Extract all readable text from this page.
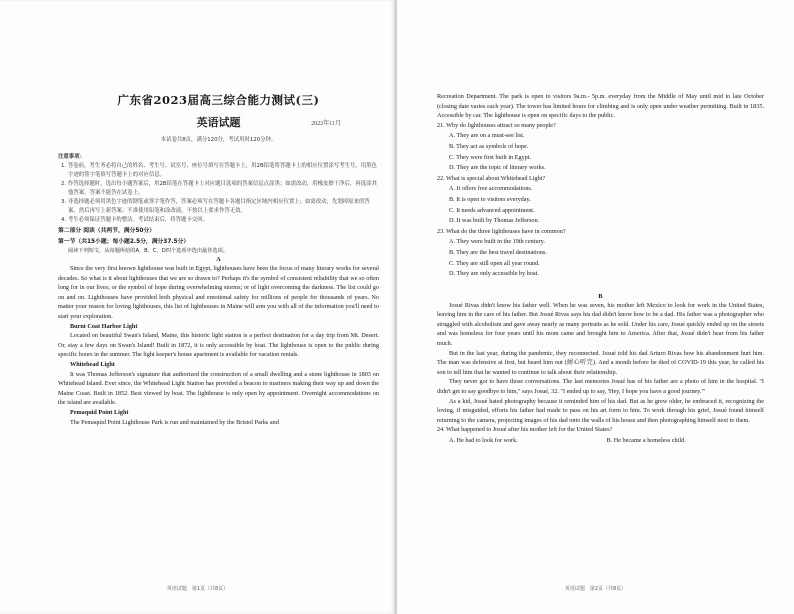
广东省2023届高三综合能力测试(三)
英语试题	2022年11月
本试卷共8页，满分120分，考试用时120分钟。
注意事项：

1. 答卷前，考生务必将自己的姓名、考生号、试室号、座位号填写在答题卡上，用2B铅笔将答题卡上的相应位置涂写考生号，用黑色字迹的签字笔填写答题卡上的对应信息。

2. 作答选择题时，选出每小题答案后，用2B铅笔在答题卡上对应题目选项的答案信息点涂黑；如需改动，用橡皮擦干净后，再选涂其他答案。答案不能答在试卷上。

3. 非选择题必须用黑色字迹的钢笔或签字笔作答，答案必须写在答题卡各题目指定区域内相应位置上；如需改动，先划掉原来的答案，然后再写上新答案；不准使用铅笔和涂改液。不按以上要求作答无效。

4. 考生必须保证答题卡的整洁。考试结束后，将答题卡交回。

第二部分 阅读（共两节，满分50分）
第一节（共15小题；每小题2.5分，满分37.5分）
阅读下列短文，从每题所给的A、B、C、D四个选项中选出最佳选项。
A

Since the very first known lighthouse was built in Egypt, lighthouses have been the focus of many literary works for several decades. So what is it about lighthouses that we are so drawn to? Perhaps it's the symbol of consistent reliability that we so often long for in our lives; or the symbol of hope during overwhelming storms; or of light overcoming the darkness. The list could go on and on. Lighthouses have provided both physical and emotional safety for millions of people for thousands of years. No matter your reason for loving lighthouses, this list of lighthouses in Maine will arm you with all of the information you'll need to start your exploration.

Burnt Coat Harbor Light

Located on beautiful Swan's Island, Maine, this historic light station is a perfect destination for a day trip from Mt. Desert. Or, stay a few days on Swan's Island! Built in 1872, it is only accessible by boat. The lighthouse is open to the public during specific hours in the summer. The light keeper's house apartment is available for vacation rentals.

Whitehead Light

It was Thomas Jefferson's signature that authorized the construction of a small dwelling and a stone lighthouse in 1803 on Whitehead Island. Ever since, the Whitehead Light Station has provided a beacon to mariners making their way up and down the Maine Coast. Built in 1852. Best viewed by boat. The lighthouse is only open by appointment. Overnight accommodations on the island are available.

Pemaquid Point Light

The Pemaquid Point Lighthouse Park is run and maintained by the Bristol Parks and

英语试题　第1页（共8页）

Recreation Department. The park is open to visitors 9a.m.- 5p.m. everyday from the Middle of May until mid to late October (closing date varies each year). The tower has limited hours for climbing and is only open under weather permitting. Built in 1835. Accessible by car. The lighthouse is open on specific days to the public.

21. Why do lighthouses attract so many people?
A. They are on a must-see list.
B. They act as symbols of hope.
C. They were first built in Egypt.
D. They are the topic of literary works.
22. What is special about Whitehead Light?
A. It offers free accommodations.
B. It is open to visitors everyday.
C. It needs advanced appointment.
D. It was built by Thomas Jefferson.
23. What do the three lighthouses have in common?
A. They were built in the 19th century.
B. They are the best travel destinations.
C. They are still open all year round.
D. They are only accessible by boat.
B

Josué Rivas didn't know his father well. When he was seven, his mother left Mexico to look for work in the United States, leaving him in the care of his father. But Josué Rivas says his dad didn't know how to be a dad. His father was a photographer who struggled with alcoholism and gave away nearly as many portraits as he sold. Under his care, Josué quickly ended up on the streets and was homeless for four years until his mom came and brought him to America. After that, Josué didn't hear from his father much.

But in the last year, during the pandemic, they reconnected. Josué told his dad Arturo Rivas how his abandonment hurt him. The man was defensive at first, but heard him out (耐心听完). And a month before he died of COVID-19 this year, he called his son to tell him that he wanted to continue to talk about their relationship.

They never got to have those conversations. The last memories Josué has of his father are a photo of him in the hospital. "I didn't get to say goodbye to him," says Josué, 32. "I ended up to say, 'Hey, I hope you have a good journey.'"

As a kid, Josué hated photography because it reminded him of his dad. But as he grew older, he embraced it, recognizing the loving, if misguided, efforts his father had made to pass on his art form to him. To work through his grief, Josué found himself returning to the camera, projecting images of his dad onto the walls of his house and then photographing himself next to them.

24. What happened to Josué after his mother left for the United States?
A. He had to look for work.	B. He became a homeless child.
英语试题　第2页（共8页）
